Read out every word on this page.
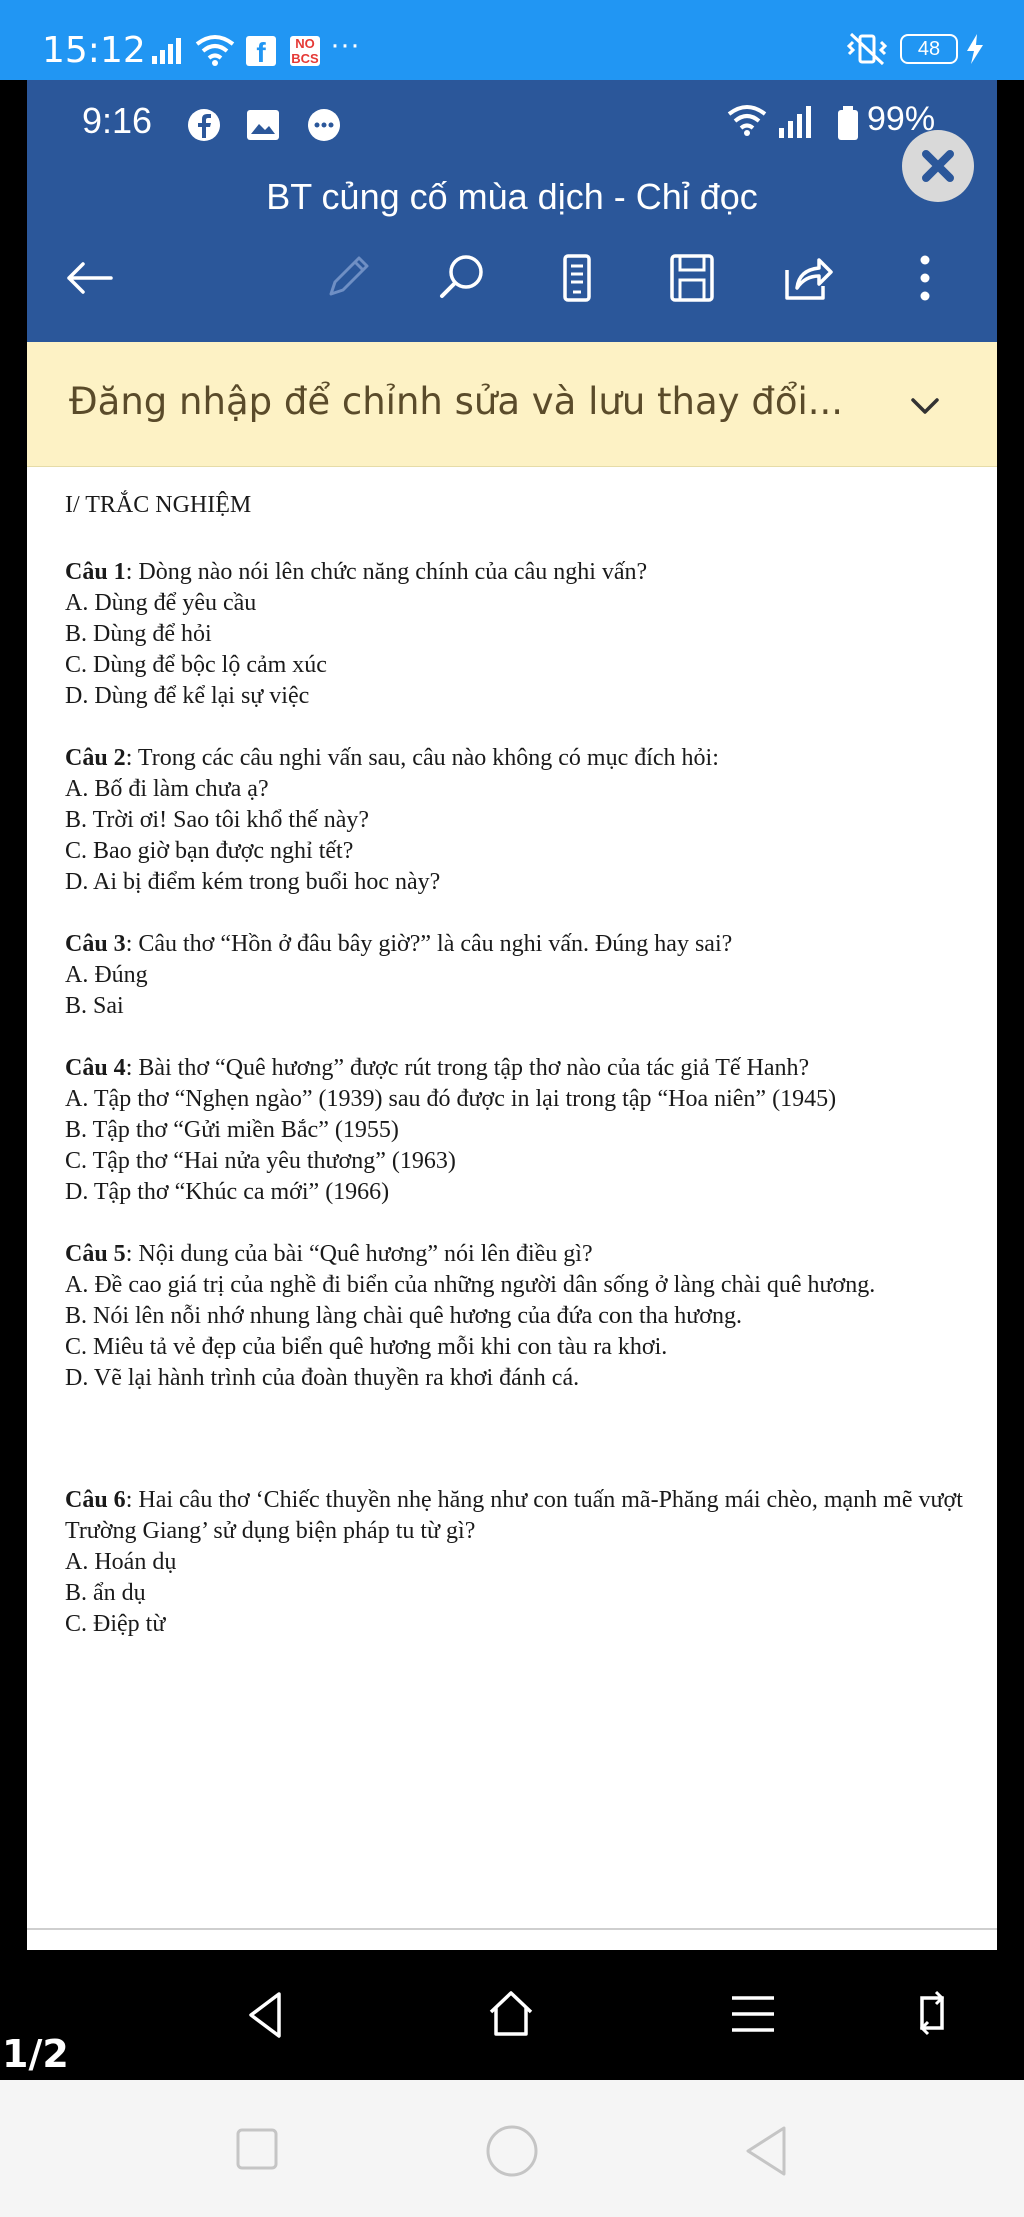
15:12	f	NO BCS ···	48
9:16	99%
BT củng cố mùa dịch - Chỉ đọc
Đăng nhập để chỉnh sửa và lưu thay đổi...
I/ TRẮC NGHIỆM
Câu 1: Dòng nào nói lên chức năng chính của câu nghi vấn?
A. Dùng để yêu cầu
B. Dùng để hỏi
C. Dùng để bộc lộ cảm xúc
D. Dùng để kể lại sự việc
Câu 2: Trong các câu nghi vấn sau, câu nào không có mục đích hỏi:
A. Bố đi làm chưa ạ?
B. Trời ơi! Sao tôi khổ thế này?
C. Bao giờ bạn được nghỉ tết?
D. Ai bị điểm kém trong buổi hoc này?
Câu 3: Câu thơ “Hồn ở đâu bây giờ?” là câu nghi vấn. Đúng hay sai?
A. Đúng
B. Sai
Câu 4: Bài thơ “Quê hương” được rút trong tập thơ nào của tác giả Tế Hanh?
A. Tập thơ “Nghẹn ngào” (1939) sau đó được in lại trong tập “Hoa niên” (1945)
B. Tập thơ “Gửi miền Bắc” (1955)
C. Tập thơ “Hai nửa yêu thương” (1963)
D. Tập thơ “Khúc ca mới” (1966)
Câu 5: Nội dung của bài “Quê hương” nói lên điều gì?
A. Đề cao giá trị của nghề đi biển của những người dân sống ở làng chài quê hương.
B. Nói lên nỗi nhớ nhung làng chài quê hương của đứa con tha hương.
C. Miêu tả vẻ đẹp của biển quê hương mỗi khi con tàu ra khơi.
D. Vẽ lại hành trình của đoàn thuyền ra khơi đánh cá.
Câu 6: Hai câu thơ ‘Chiếc thuyền nhẹ hăng như con tuấn mã-Phăng mái chèo, mạnh mẽ vượt Trường Giang’ sử dụng biện pháp tu từ gì?
A. Hoán dụ
B. ẩn dụ
C. Điệp từ
1/2
